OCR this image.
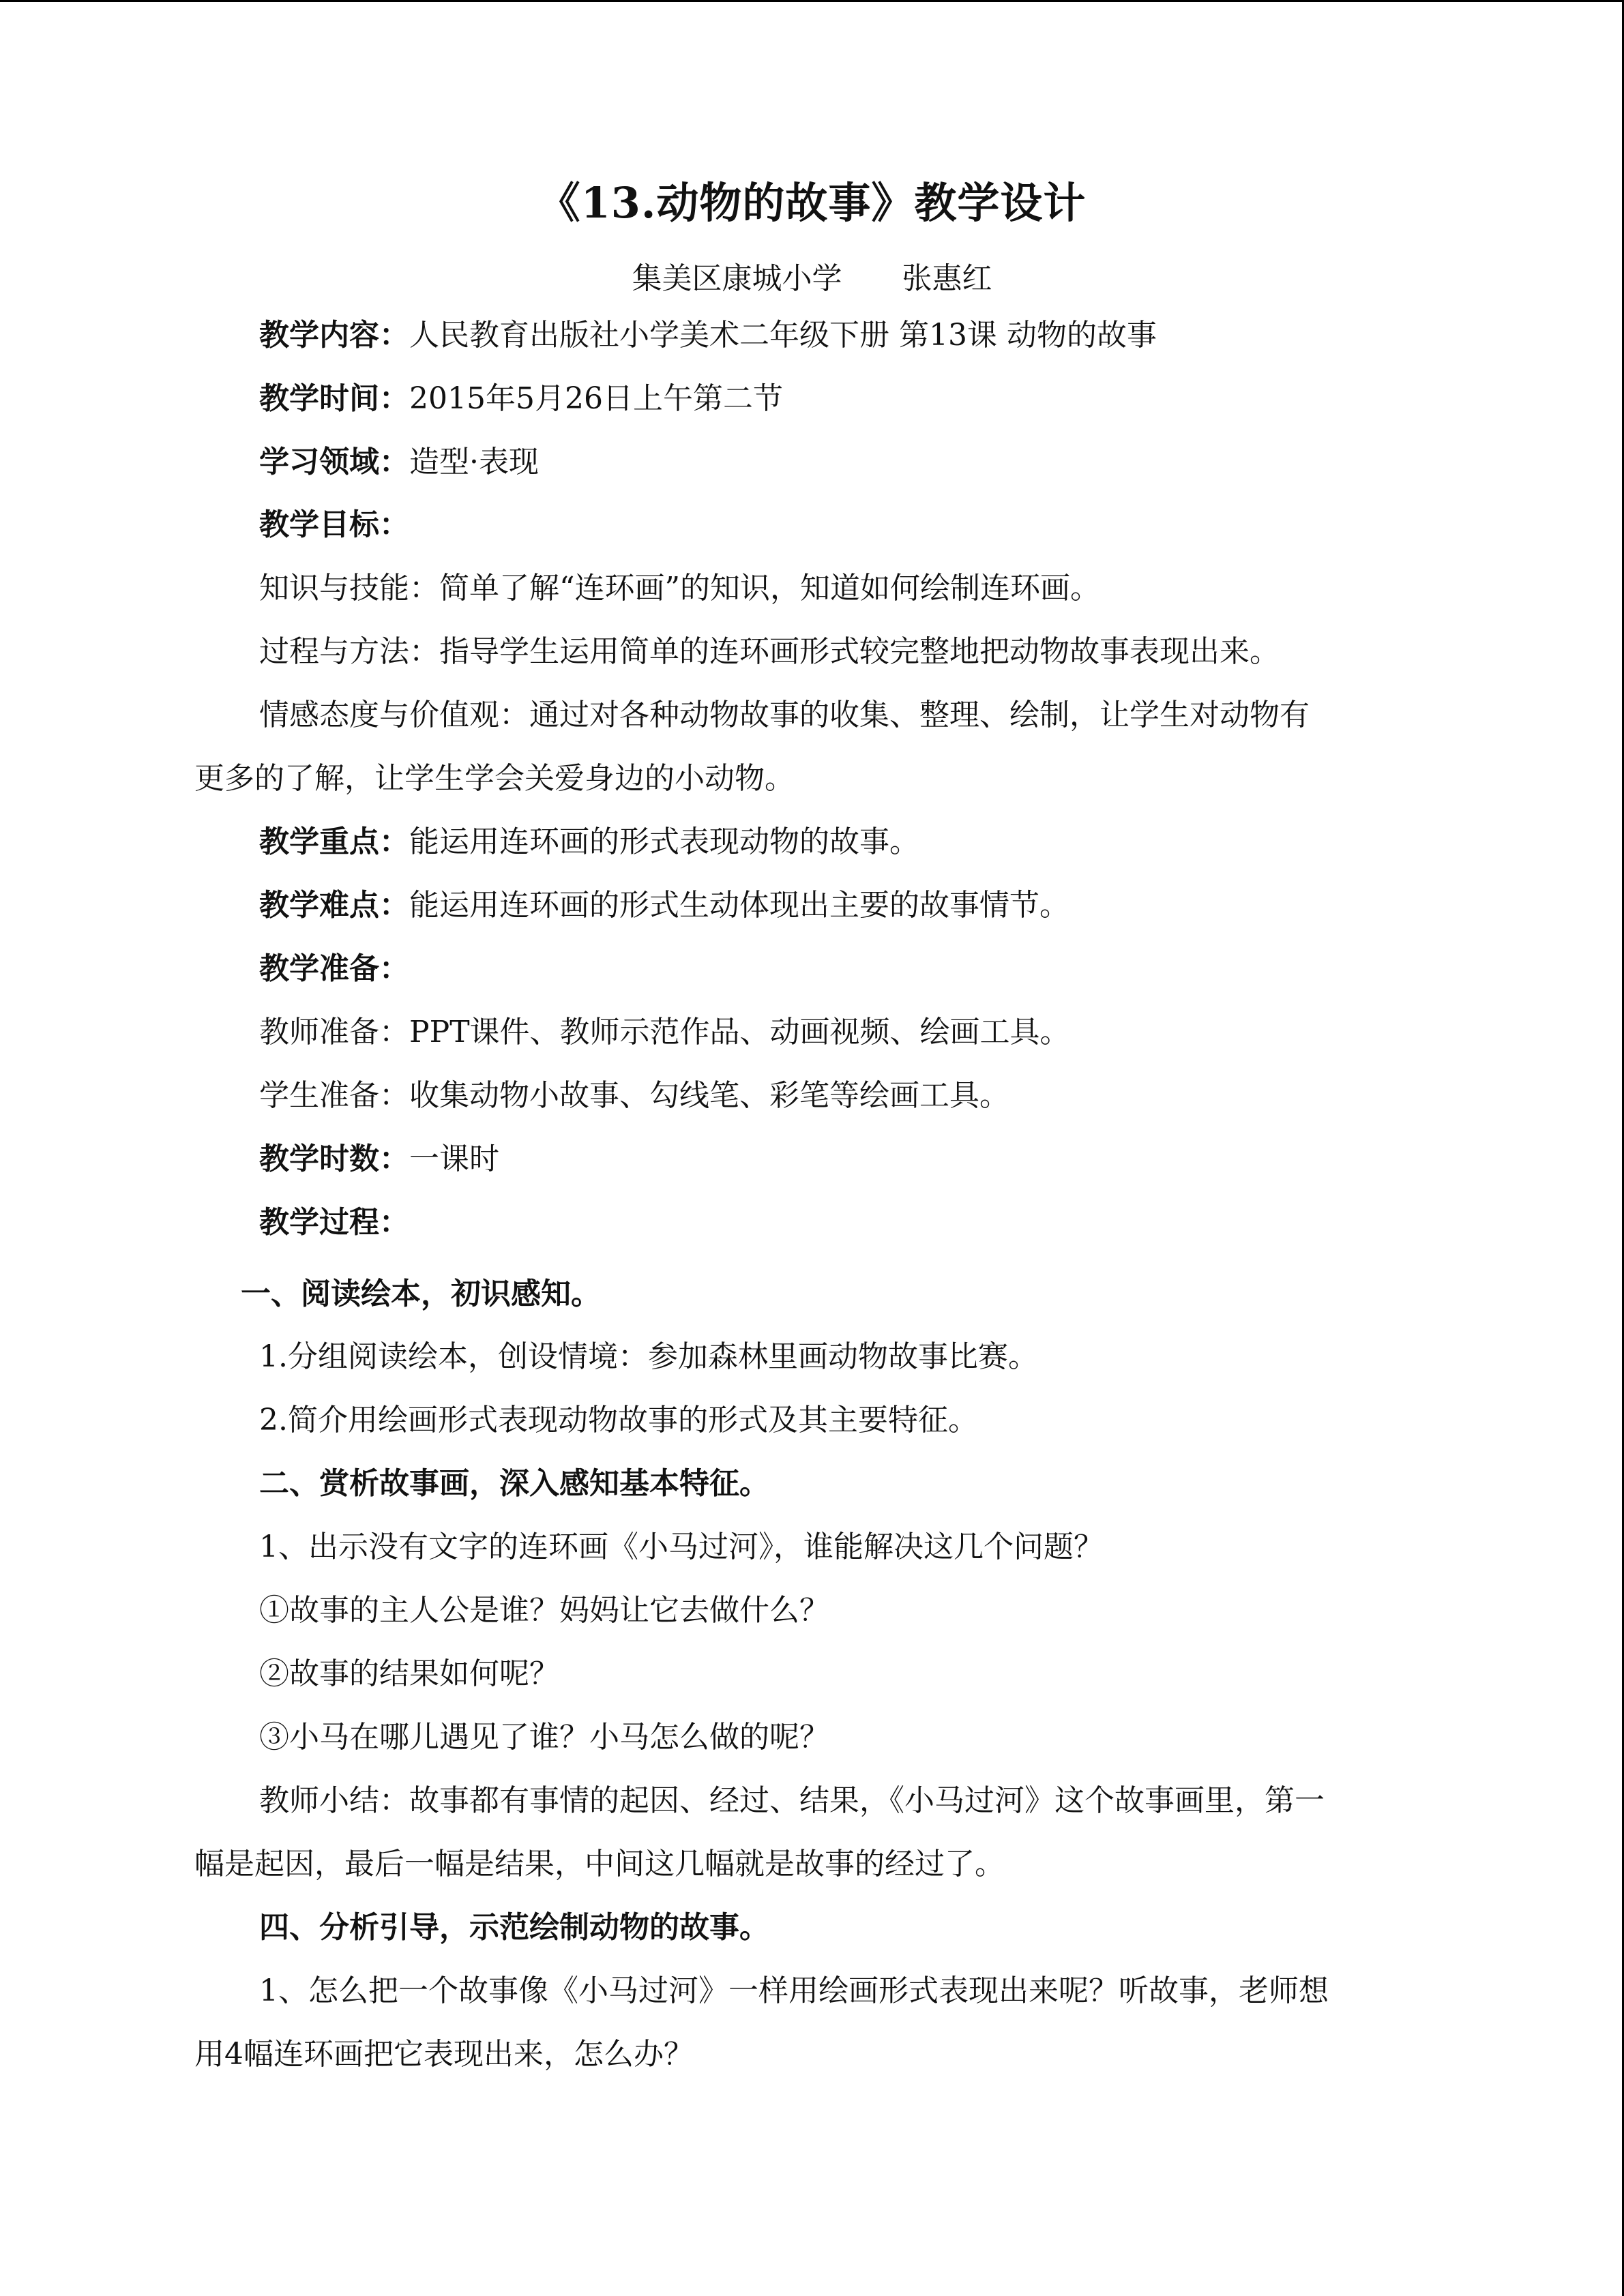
《13.动物的故事》教学设计
集美区康城小学　　张惠红
教学内容：人民教育出版社小学美术二年级下册 第13课 动物的故事
教学时间：2015年5月26日上午第二节
学习领域：造型·表现
教学目标：
知识与技能：简单了解“连环画”的知识，知道如何绘制连环画。
过程与方法：指导学生运用简单的连环画形式较完整地把动物故事表现出来。
情感态度与价值观：通过对各种动物故事的收集、整理、绘制，让学生对动物有
更多的了解，让学生学会关爱身边的小动物。
教学重点：能运用连环画的形式表现动物的故事。
教学难点：能运用连环画的形式生动体现出主要的故事情节。
教学准备：
教师准备：PPT课件、教师示范作品、动画视频、绘画工具。
学生准备：收集动物小故事、勾线笔、彩笔等绘画工具。
教学时数：一课时
教学过程：
一、阅读绘本，初识感知。
1.分组阅读绘本，创设情境：参加森林里画动物故事比赛。
2.简介用绘画形式表现动物故事的形式及其主要特征。
二、赏析故事画，深入感知基本特征。
1、出示没有文字的连环画《小马过河》，谁能解决这几个问题？
①故事的主人公是谁？妈妈让它去做什么？
②故事的结果如何呢？
③小马在哪儿遇见了谁？小马怎么做的呢？
教师小结：故事都有事情的起因、经过、结果，《小马过河》这个故事画里，第一
幅是起因，最后一幅是结果，中间这几幅就是故事的经过了。
四、分析引导，示范绘制动物的故事。
1、怎么把一个故事像《小马过河》一样用绘画形式表现出来呢？听故事，老师想
用4幅连环画把它表现出来，怎么办？
